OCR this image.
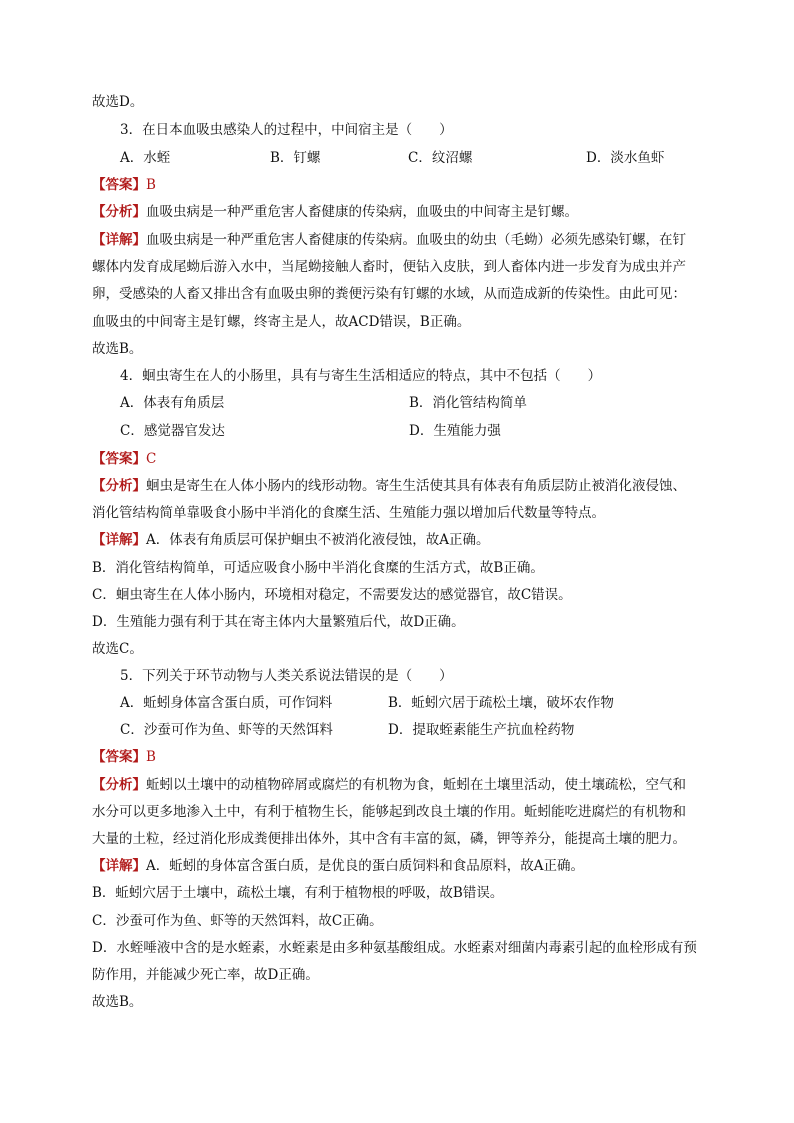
故选D。
3．在日本血吸虫感染人的过程中，中间宿主是（　　）
A．水蛭	B．钉螺	C．纹沼螺	D．淡水鱼虾
【答案】B
【分析】血吸虫病是一种严重危害人畜健康的传染病，血吸虫的中间寄主是钉螺。
【详解】血吸虫病是一种严重危害人畜健康的传染病。血吸虫的幼虫（毛蚴）必须先感染钉螺，在钉
螺体内发育成尾蚴后游入水中，当尾蚴接触人畜时，便钻入皮肤，到人畜体内进一步发育为成虫并产
卵，受感染的人畜又排出含有血吸虫卵的粪便污染有钉螺的水域，从而造成新的传染性。由此可见：
血吸虫的中间寄主是钉螺，终寄主是人，故ACD错误，B正确。
故选B。
4．蛔虫寄生在人的小肠里，具有与寄生生活相适应的特点，其中不包括（　　）
A．体表有角质层	B．消化管结构简单
C．感觉器官发达	D．生殖能力强
【答案】C
【分析】蛔虫是寄生在人体小肠内的线形动物。寄生生活使其具有体表有角质层防止被消化液侵蚀、
消化管结构简单靠吸食小肠中半消化的食糜生活、生殖能力强以增加后代数量等特点。
【详解】A．体表有角质层可保护蛔虫不被消化液侵蚀，故A正确。
B．消化管结构简单，可适应吸食小肠中半消化食糜的生活方式，故B正确。
C．蛔虫寄生在人体小肠内，环境相对稳定，不需要发达的感觉器官，故C错误。
D．生殖能力强有利于其在寄主体内大量繁殖后代，故D正确。
故选C。
5．下列关于环节动物与人类关系说法错误的是（　　）
A．蚯蚓身体富含蛋白质，可作饲料	B．蚯蚓穴居于疏松土壤，破坏农作物
C．沙蚕可作为鱼、虾等的天然饵料	D．提取蛭素能生产抗血栓药物
【答案】B
【分析】蚯蚓以土壤中的动植物碎屑或腐烂的有机物为食，蚯蚓在土壤里活动，使土壤疏松，空气和
水分可以更多地渗入土中，有利于植物生长，能够起到改良土壤的作用。蚯蚓能吃进腐烂的有机物和
大量的土粒，经过消化形成粪便排出体外，其中含有丰富的氮，磷，钾等养分，能提高土壤的肥力。
【详解】A．蚯蚓的身体富含蛋白质，是优良的蛋白质饲料和食品原料，故A正确。
B．蚯蚓穴居于土壤中，疏松土壤，有利于植物根的呼吸，故B错误。
C．沙蚕可作为鱼、虾等的天然饵料，故C正确。
D．水蛭唾液中含的是水蛭素，水蛭素是由多种氨基酸组成。水蛭素对细菌内毒素引起的血栓形成有预
防作用，并能减少死亡率，故D正确。
故选B。
